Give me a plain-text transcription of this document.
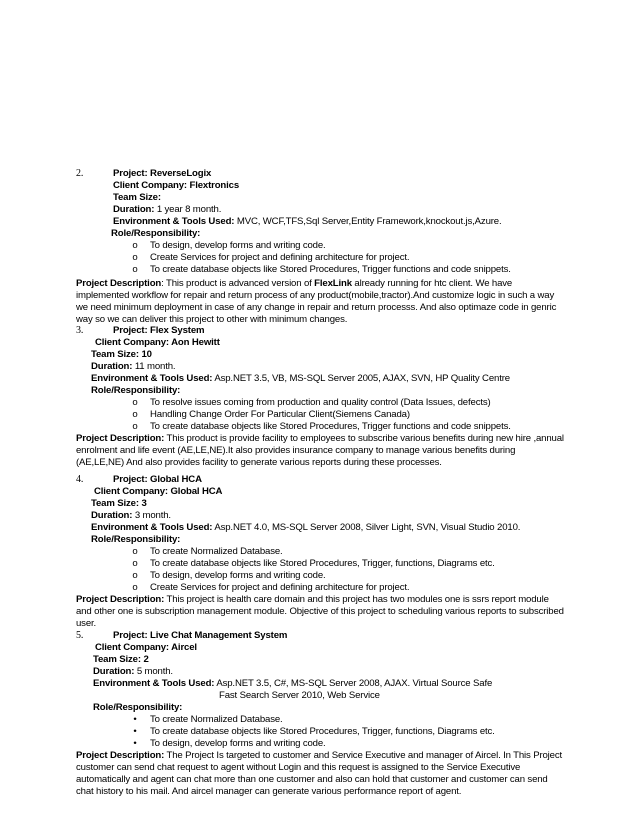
2.	Project: ReverseLogix
Client Company: Flextronics
Team Size:
Duration: 1 year 8 month.
Environment & Tools Used: MVC, WCF,TFS,Sql Server,Entity Framework,knockout.js,Azure.
Role/Responsibility:
o To design, develop forms and writing code.
o Create Services for project and defining architecture for project.
o To create database objects like Stored Procedures, Trigger functions and code snippets.

Project Description: This product is advanced version of FlexLink already running for htc client. We have implemented workflow for repair and return process of any product(mobile,tractor).And customize logic in such a way we need minimum deployment in case of any change in repair and return processs. And also optimaze code in genric way so we can deliver this project to other with minimum changes.
3.	Project: Flex System
Client Company: Aon Hewitt
Team Size: 10
Duration: 11 month.
Environment & Tools Used: Asp.NET 3.5, VB, MS-SQL Server 2005, AJAX, SVN, HP Quality Centre
Role/Responsibility:
o To resolve issues coming from production and quality control (Data Issues, defects)
o Handling Change Order For Particular Client(Siemens Canada)
o To create database objects like Stored Procedures, Trigger functions and code snippets.
Project Description: This product is provide facility to employees to subscribe various benefits during new hire ,annual enrolment and life event (AE,LE,NE).It also provides insurance company to manage various benefits during (AE,LE,NE) And also provides facility to generate various reports during these processes.
4.	Project: Global HCA
Client Company: Global HCA
Team Size: 3
Duration: 3 month.
Environment & Tools Used: Asp.NET 4.0, MS-SQL Server 2008, Silver Light, SVN, Visual Studio 2010.
Role/Responsibility:
o To create Normalized Database.
o To create database objects like Stored Procedures, Trigger, functions, Diagrams etc.
o To design, develop forms and writing code.
o Create Services for project and defining architecture for project.

Project Description: This project is health care domain and this project has two modules one is ssrs report module and other one is subscription management module. Objective of this project to scheduling various reports to subscribed user.
5.	Project: Live Chat Management System
Client Company: Aircel
Team Size: 2
Duration: 5 month.
Environment & Tools Used: Asp.NET 3.5, C#, MS-SQL Server 2008, AJAX. Virtual Source Safe
Fast Search Server 2010, Web Service
Role/Responsibility:
• To create Normalized Database.
• To create database objects like Stored Procedures, Trigger, functions, Diagrams etc.
• To design, develop forms and writing code.
Project Description: The Project Is targeted to customer and Service Executive and manager of Aircel. In This Project customer can send chat request to agent without Login and this request is assigned to the Service Executive automatically and agent can chat more than one customer and also can hold that customer and customer can send chat history to his mail. And aircel manager can generate various performance report of agent.
